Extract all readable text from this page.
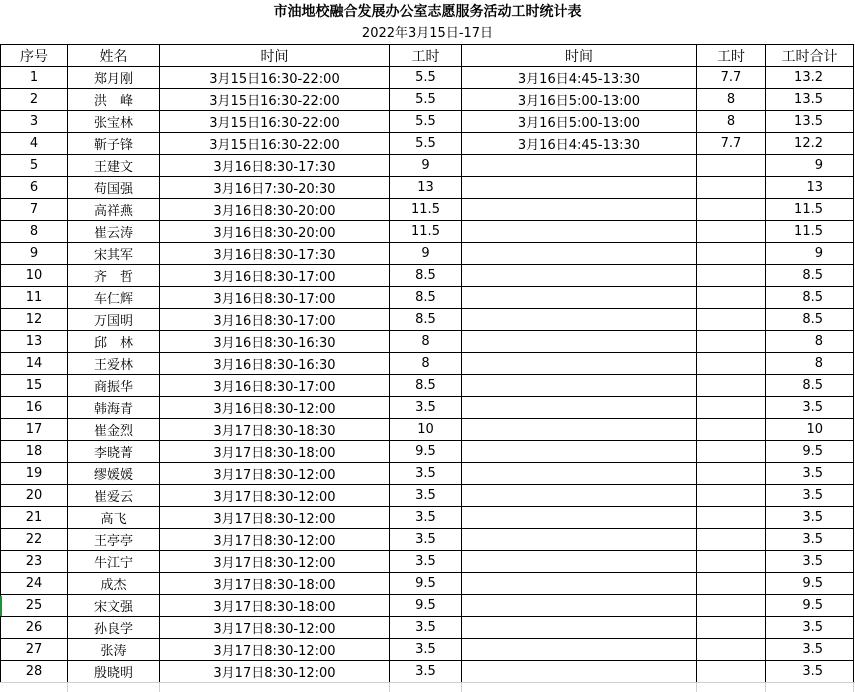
市油地校融合发展办公室志愿服务活动工时统计表
2022年3月15日-17日
序号	姓名	时间	工时	时间	工时	工时合计
1	郑月刚	3月15日16:30-22:00	5.5	3月16日4:45-13:30	7.7	13.2
2	洪　峰	3月15日16:30-22:00	5.5	3月16日5:00-13:00	8	13.5
3	张宝林	3月15日16:30-22:00	5.5	3月16日5:00-13:00	8	13.5
4	靳子锋	3月15日16:30-22:00	5.5	3月16日4:45-13:30	7.7	12.2
5	王建文	3月16日8:30-17:30	9			9
6	苟国强	3月16日7:30-20:30	13			13
7	高祥燕	3月16日8:30-20:00	11.5			11.5
8	崔云涛	3月16日8:30-20:00	11.5			11.5
9	宋其军	3月16日8:30-17:30	9			9
10	齐　哲	3月16日8:30-17:00	8.5			8.5
11	车仁辉	3月16日8:30-17:00	8.5			8.5
12	万国明	3月16日8:30-17:00	8.5			8.5
13	邱　林	3月16日8:30-16:30	8			8
14	王爱林	3月16日8:30-16:30	8			8
15	商振华	3月16日8:30-17:00	8.5			8.5
16	韩海青	3月16日8:30-12:00	3.5			3.5
17	崔金烈	3月17日8:30-18:30	10			10
18	李晓菁	3月17日8:30-18:00	9.5			9.5
19	缪媛媛	3月17日8:30-12:00	3.5			3.5
20	崔爱云	3月17日8:30-12:00	3.5			3.5
21	高飞	3月17日8:30-12:00	3.5			3.5
22	王亭亭	3月17日8:30-12:00	3.5			3.5
23	牛江宁	3月17日8:30-12:00	3.5			3.5
24	成杰	3月17日8:30-18:00	9.5			9.5
25	宋文强	3月17日8:30-18:00	9.5			9.5
26	孙良学	3月17日8:30-12:00	3.5			3.5
27	张涛	3月17日8:30-12:00	3.5			3.5
28	殷晓明	3月17日8:30-12:00	3.5			3.5
